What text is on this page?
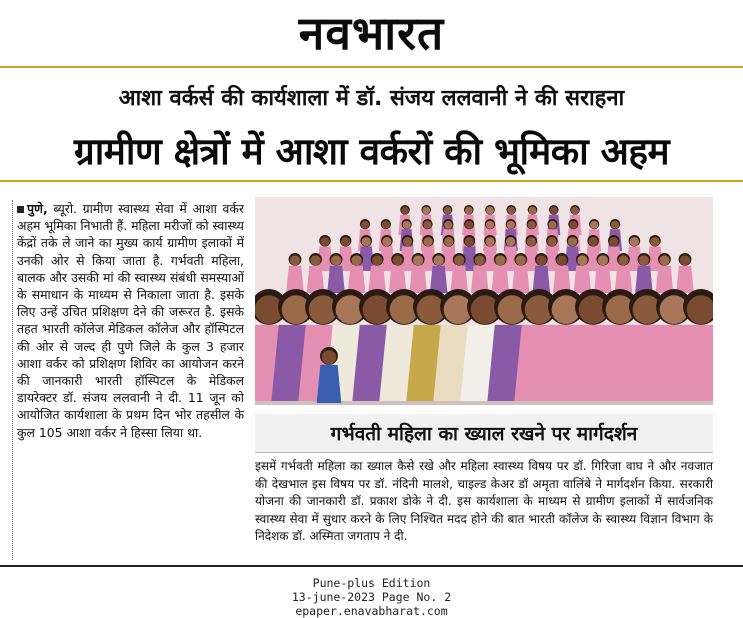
नवभारत
आशा वर्कर्स की कार्यशाला में डॉ. संजय ललवानी ने की सराहना
ग्रामीण क्षेत्रों में आशा वर्करों की भूमिका अहम
पुणे, ब्यूरो. ग्रामीण स्वास्थ्य सेवा में आशा वर्कर अहम भूमिका निभाती हैं. महिला मरीजों को स्वास्थ्य केंद्रों तके ले जाने का मुख्य कार्य ग्रामीण इलाकों में उनकी ओर से किया जाता है. गर्भवती महिला, बालक और उसकी मां की स्वास्थ्य संबंधी समस्याओं के समाधान के माध्यम से निकाला जाता है. इसके लिए उन्हें उचित प्रशिक्षण देने की जरूरत है. इसके तहत भारती कॉलेज मेडिकल कॉलेज और हॉस्पिटल की ओर से जल्द ही पुणे जिले के कुल 3 हजार आशा वर्कर को प्रशिक्षण शिविर का आयोजन करने की जानकारी भारती हॉस्पिटल के मेडिकल डायरेक्टर डॉ. संजय ललवानी ने दी. 11 जून को आयोजित कार्यशाला के प्रथम दिन भोर तहसील के कुल 105 आशा वर्कर ने हिस्सा लिया था.	गर्भवती महिला का ख्याल रखने पर मार्गदर्शन
इसमें गर्भवती महिला का ख्याल कैसे रखे और महिला स्वास्थ्य विषय पर डॉ. गिरिजा वाघ ने और नवजात की देखभाल इस विषय पर डॉ. नंदिनी मालशे, चाइल्ड केअर डॉ अमृता वालिंबे ने मार्गदर्शन किया. सरकारी योजना की जानकारी डॉ. प्रकाश डोके ने दी. इस कार्यशाला के माध्यम से ग्रामीण इलाकों में सार्वजनिक स्वास्थ्य सेवा में सुधार करने के लिए निश्चित मदद होने की बात भारती कॉलेज के स्वास्थ्य विज्ञान विभाग के निदेशक डॉ. अस्मिता जगताप ने दी.
Pune-plus Edition
13-june-2023 Page No. 2
epaper.enavabharat.com
